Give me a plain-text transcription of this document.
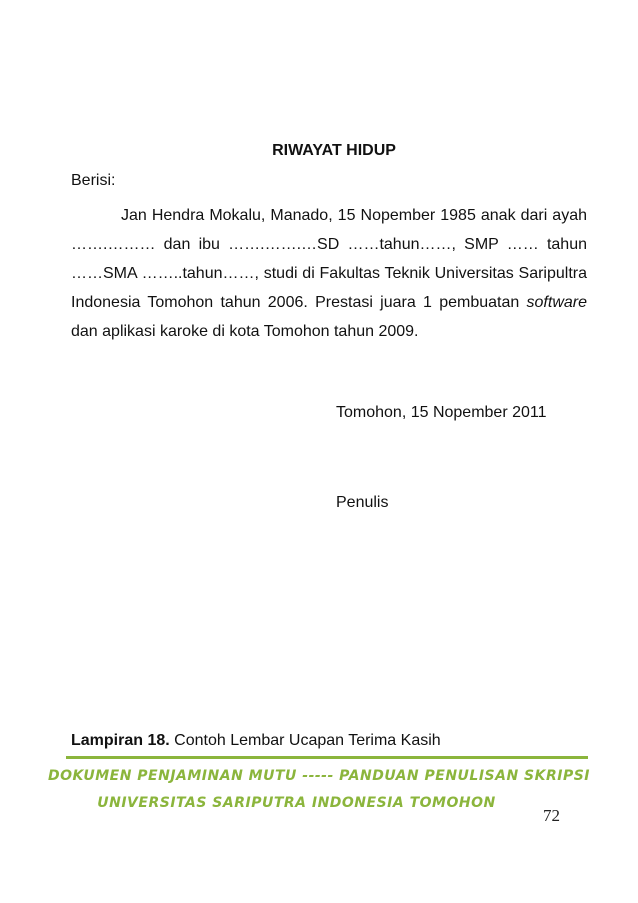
RIWAYAT HIDUP
Berisi:
Jan Hendra Mokalu, Manado, 15 Nopember 1985 anak dari ayah …….……… dan ibu …….…….…SD ……tahun……, SMP …… tahun ……SMA ……..tahun……, studi di Fakultas Teknik Universitas Saripultra Indonesia Tomohon tahun 2006. Prestasi juara 1 pembuatan software dan aplikasi karoke di kota Tomohon tahun 2009.
Tomohon, 15 Nopember 2011
Penulis
Lampiran 18. Contoh Lembar Ucapan Terima Kasih
DOKUMEN PENJAMINAN MUTU ----- PANDUAN PENULISAN SKRIPSI
UNIVERSITAS SARIPUTRA INDONESIA TOMOHON
72
